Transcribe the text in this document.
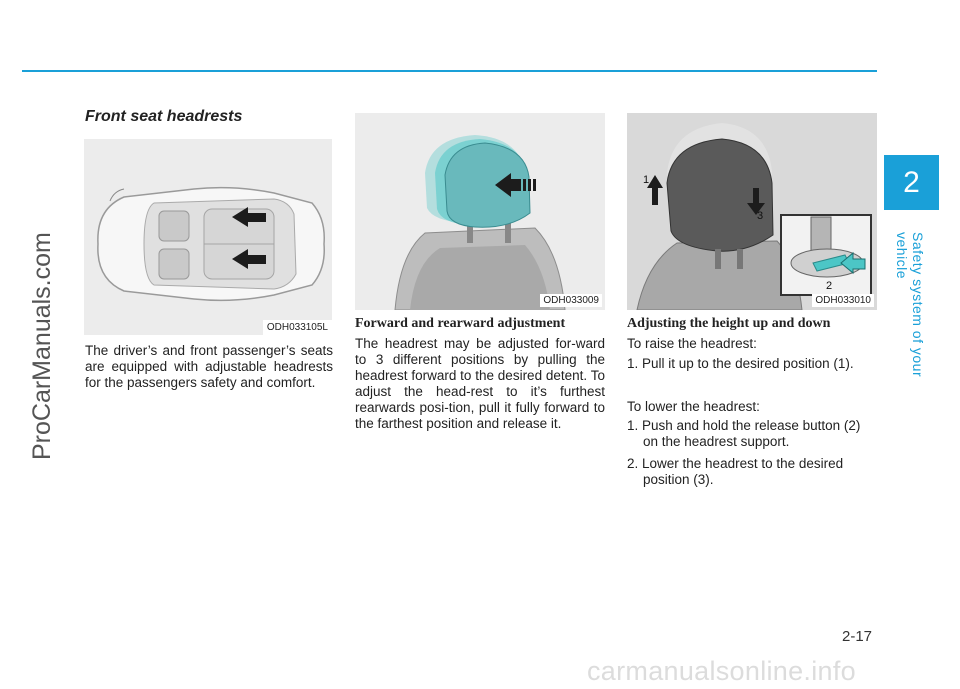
2
Safety system of your vehicle
ProCarManuals.com
carmanualsonline.info
2-17
Front seat headrests
ODH033105L
ODH033009
1
2
3
ODH033010
The driver’s and front passenger’s seats are equipped with adjustable headrests for the passengers safety and comfort.
Forward and rearward adjustment
The headrest may be adjusted for-ward to 3 different positions by pulling the headrest forward to the desired detent. To adjust the head-rest to it’s furthest rearwards posi-tion, pull it fully forward to the farthest position and release it.
Adjusting the height up and down
To raise the headrest:
1. Pull it up to the desired position (1).
To lower the headrest:
1. Push and hold the release button (2) on the headrest support.
2. Lower the headrest to the desired position (3).
